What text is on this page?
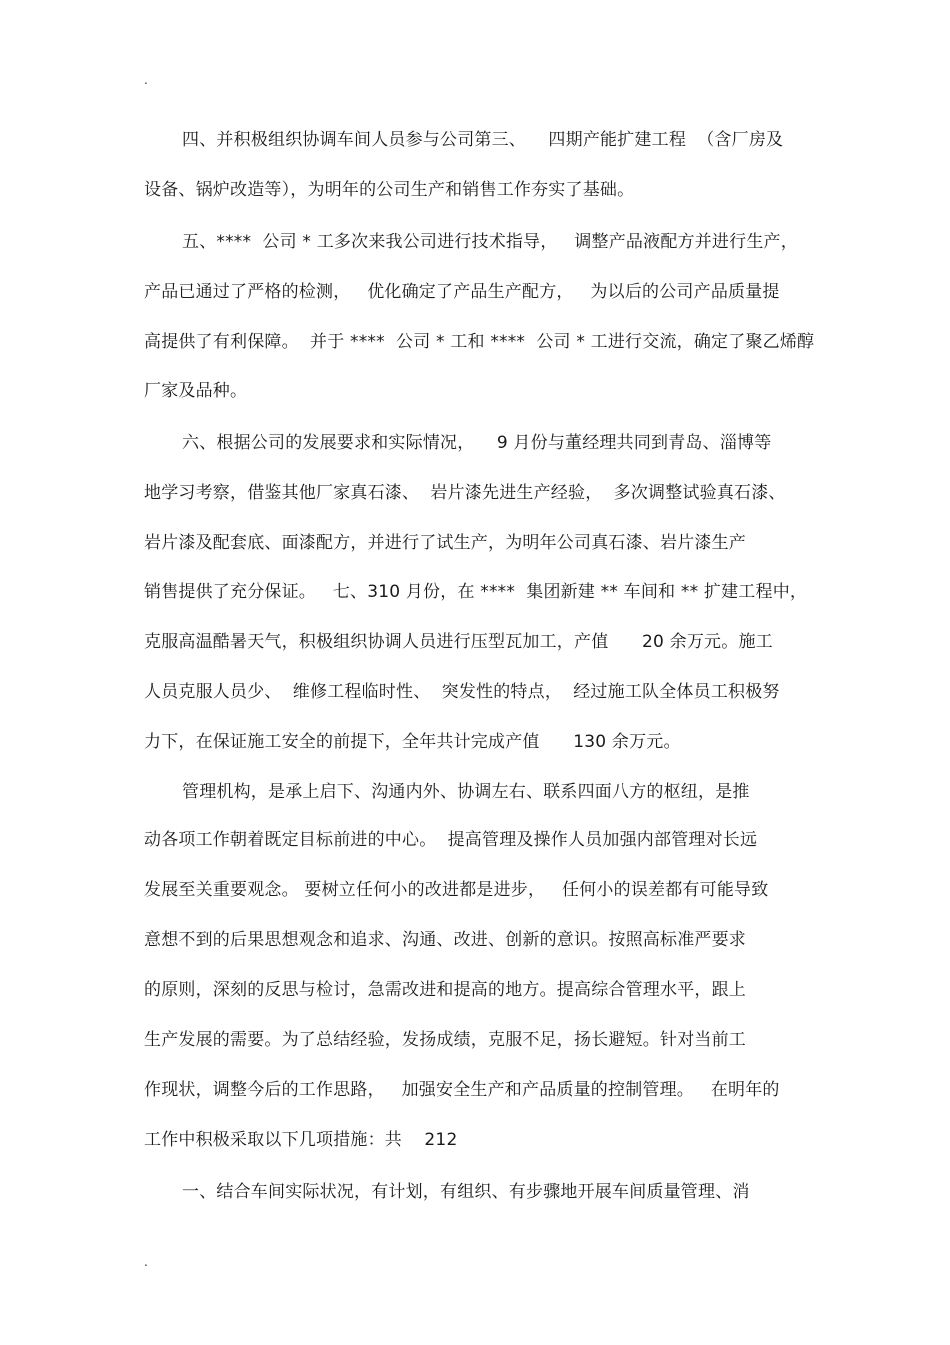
.
四、并积极组织协调车间人员参与公司第三、    四期产能扩建工程  （含厂房及
设备、锅炉改造等），为明年的公司生产和销售工作夯实了基础。
五、****  公司 * 工多次来我公司进行技术指导，   调整产品液配方并进行生产，
产品已通过了严格的检测，   优化确定了产品生产配方，   为以后的公司产品质量提
高提供了有利保障。  并于 ****  公司 * 工和 ****  公司 * 工进行交流，确定了聚乙烯醇
厂家及品种。
六、根据公司的发展要求和实际情况，    9 月份与董经理共同到青岛、淄博等
地学习考察，借鉴其他厂家真石漆、  岩片漆先进生产经验，  多次调整试验真石漆、
岩片漆及配套底、面漆配方，并进行了试生产，为明年公司真石漆、岩片漆生产
销售提供了充分保证。   七、310 月份，在 ****  集团新建 ** 车间和 ** 扩建工程中，
克服高温酷暑天气，积极组织协调人员进行压型瓦加工，产值      20 余万元。施工
人员克服人员少、  维修工程临时性、  突发性的特点，  经过施工队全体员工积极努
力下，在保证施工安全的前提下，全年共计完成产值      130 余万元。
管理机构，是承上启下、沟通内外、协调左右、联系四面八方的枢纽，是推
动各项工作朝着既定目标前进的中心。  提高管理及操作人员加强内部管理对长远
发展至关重要观念。 要树立任何小的改进都是进步，   任何小的误差都有可能导致
意想不到的后果思想观念和追求、沟通、改进、创新的意识。按照高标准严要求
的原则，深刻的反思与检讨，急需改进和提高的地方。提高综合管理水平，跟上
生产发展的需要。为了总结经验，发扬成绩，克服不足，扬长避短。针对当前工
作现状，调整今后的工作思路，   加强安全生产和产品质量的控制管理。   在明年的
工作中积极采取以下几项措施：共    212
一、结合车间实际状况，有计划，有组织、有步骤地开展车间质量管理、消
.
